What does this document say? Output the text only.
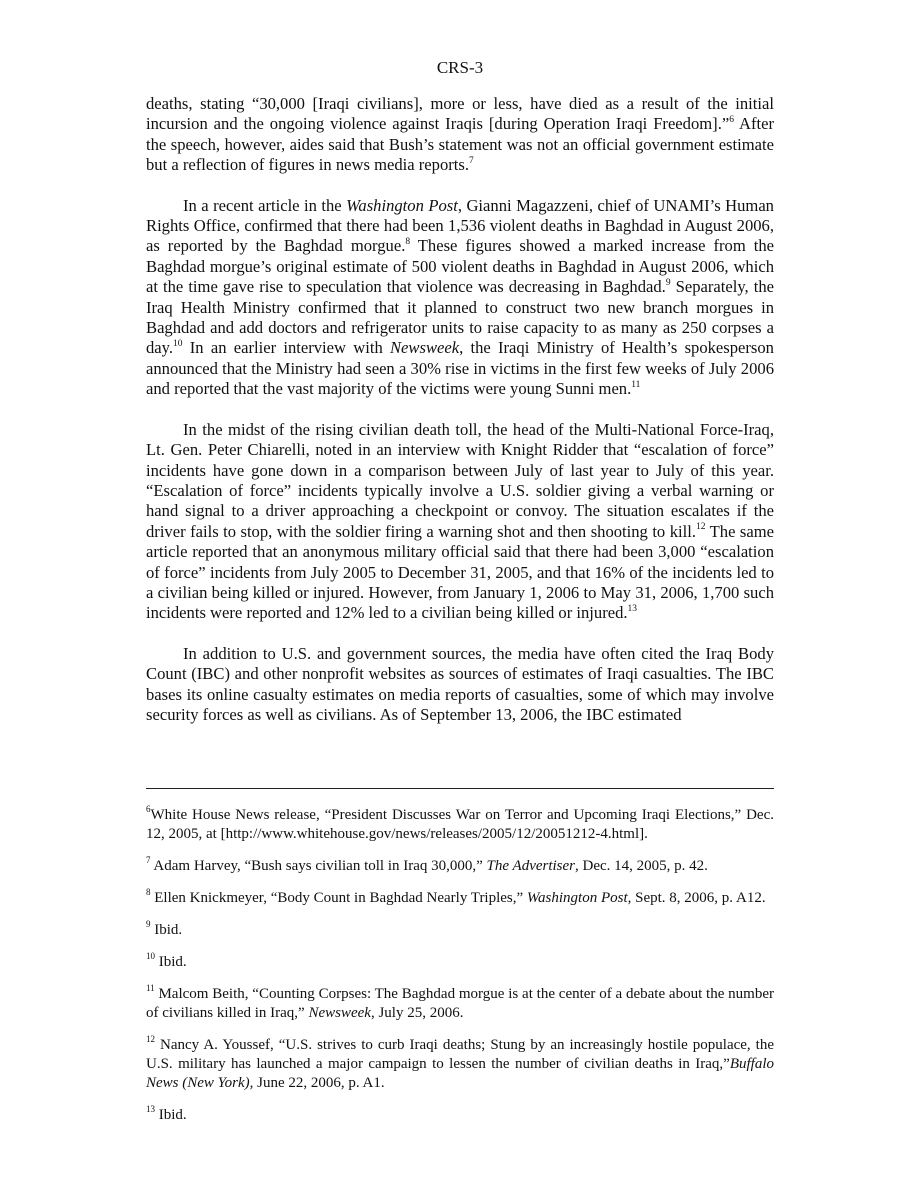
CRS-3

deaths, stating “30,000 [Iraqi civilians], more or less, have died as a result of the initial incursion and the ongoing violence against Iraqis [during Operation Iraqi Freedom].”$^6$ After the speech, however, aides said that Bush’s statement was not an official government estimate but a reflection of figures in news media reports.$^7$

In a recent article in the Washington Post, Gianni Magazzeni, chief of UNAMI’s Human Rights Office, confirmed that there had been 1,536 violent deaths in Baghdad in August 2006, as reported by the Baghdad morgue.$^8$ These figures showed a marked increase from the Baghdad morgue’s original estimate of 500 violent deaths in Baghdad in August 2006, which at the time gave rise to speculation that violence was decreasing in Baghdad.$^9$ Separately, the Iraq Health Ministry confirmed that it planned to construct two new branch morgues in Baghdad and add doctors and refrigerator units to raise capacity to as many as 250 corpses a day.$^{10}$ In an earlier interview with Newsweek, the Iraqi Ministry of Health’s spokesperson announced that the Ministry had seen a 30% rise in victims in the first few weeks of July 2006 and reported that the vast majority of the victims were young Sunni men.$^{11}$

In the midst of the rising civilian death toll, the head of the Multi-National Force-Iraq, Lt. Gen. Peter Chiarelli, noted in an interview with Knight Ridder that “escalation of force” incidents have gone down in a comparison between July of last year to July of this year. “Escalation of force” incidents typically involve a U.S. soldier giving a verbal warning or hand signal to a driver approaching a checkpoint or convoy. The situation escalates if the driver fails to stop, with the soldier firing a warning shot and then shooting to kill.$^{12}$ The same article reported that an anonymous military official said that there had been 3,000 “escalation of force” incidents from July 2005 to December 31, 2005, and that 16% of the incidents led to a civilian being killed or injured. However, from January 1, 2006 to May 31, 2006, 1,700 such incidents were reported and 12% led to a civilian being killed or injured.$^{13}$

In addition to U.S. and government sources, the media have often cited the Iraq Body Count (IBC) and other nonprofit websites as sources of estimates of Iraqi casualties. The IBC bases its online casualty estimates on media reports of casualties, some of which may involve security forces as well as civilians. As of September 13, 2006, the IBC estimated

$^6$White House News release, “President Discusses War on Terror and Upcoming Iraqi Elections,” Dec. 12, 2005, at [http://www.whitehouse.gov/news/releases/2005/12/20051212-4.html].

$^7$ Adam Harvey, “Bush says civilian toll in Iraq 30,000,” The Advertiser, Dec. 14, 2005, p. 42.

$^8$ Ellen Knickmeyer, “Body Count in Baghdad Nearly Triples,” Washington Post, Sept. 8, 2006, p. A12.

$^9$ Ibid.

$^{10}$ Ibid.

$^{11}$ Malcom Beith, “Counting Corpses: The Baghdad morgue is at the center of a debate about the number of civilians killed in Iraq,” Newsweek, July 25, 2006.

$^{12}$ Nancy A. Youssef, “U.S. strives to curb Iraqi deaths; Stung by an increasingly hostile populace, the U.S. military has launched a major campaign to lessen the number of civilian deaths in Iraq,”Buffalo News (New York), June 22, 2006, p. A1.

$^{13}$ Ibid.
